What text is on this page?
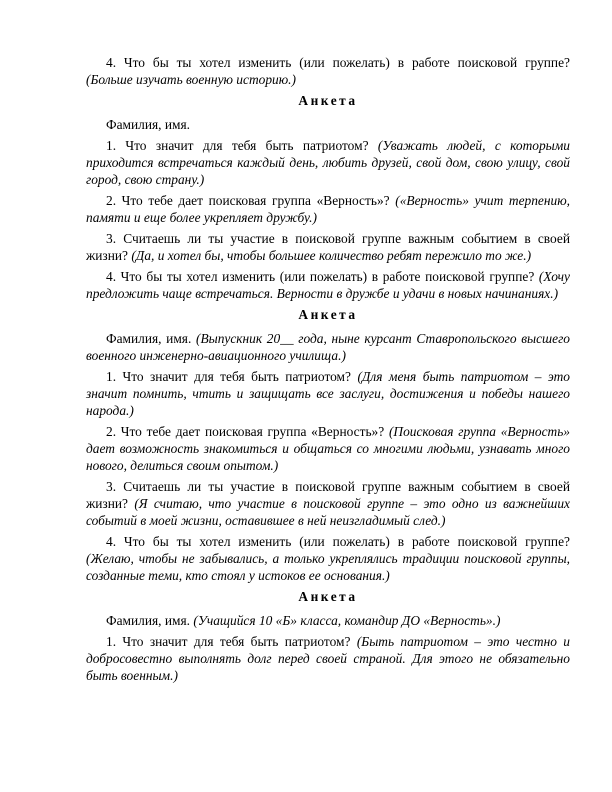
4. Что бы ты хотел изменить (или пожелать) в работе поисковой группе? (Больше изучать военную историю.)

Анкета

Фамилия, имя.

1. Что значит для тебя быть патриотом? (Уважать людей, с которыми приходится встречаться каждый день, любить друзей, свой дом, свою улицу, свой город, свою страну.)

2. Что тебе дает поисковая группа «Верность»? («Верность» учит терпению, памяти и еще более укрепляет дружбу.)

3. Считаешь ли ты участие в поисковой группе важным событием в своей жизни? (Да, и хотел бы, чтобы большее количество ребят пережило то же.)

4. Что бы ты хотел изменить (или пожелать) в работе поисковой группе? (Хочу предложить чаще встречаться. Верности в дружбе и удачи в новых начинаниях.)

Анкета

Фамилия, имя. (Выпускник 20__ года, ныне курсант Ставропольского высшего военного инженерно-авиационного училища.)

1. Что значит для тебя быть патриотом? (Для меня быть патриотом – это значит помнить, чтить и защищать все заслуги, достижения и победы нашего народа.)

2. Что тебе дает поисковая группа «Верность»? (Поисковая группа «Верность» дает возможность знакомиться и общаться со многими людьми, узнавать много нового, делиться своим опытом.)

3. Считаешь ли ты участие в поисковой группе важным событием в своей жизни? (Я считаю, что участие в поисковой группе – это одно из важнейших событий в моей жизни, оставившее в ней неизгладимый след.)

4. Что бы ты хотел изменить (или пожелать) в работе поисковой группе? (Желаю, чтобы не забывались, а только укреплялись традиции поисковой группы, созданные теми, кто стоял у истоков ее основания.)

Анкета

Фамилия, имя. (Учащийся 10 «Б» класса, командир ДО «Верность».)

1. Что значит для тебя быть патриотом? (Быть патриотом – это честно и добросовестно выполнять долг перед своей страной. Для этого не обязательно быть военным.)
